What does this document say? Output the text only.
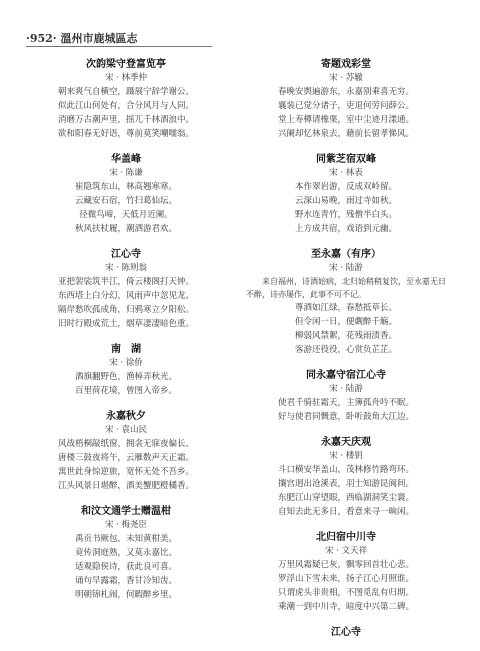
·952· 溫州市鹿城區志
次韵梁守登富览亭
宋 · 林季仲
朝来爽气自横空，蹑展宁辞学谢公。
似此江山何处有，合分风月与人同。
消磨万古潮声里，摇兀千林酒浪中。
欲和阳春无好语，尊前莫笑嘲嚅翁。
华盖峰
宋 · 陈谦
崔隐筑东山，林高翘寒寒。
云藏安石宿，竹扫葛仙坛。
径微鸟啼，天低月近阑。
秋风扶杖履，潮洒游君欢。
江心寺
宋 · 陈则翁
亚把袈裟筑半江，倚云楼阁打天钟。
东西塔上白分幻，风雨声中忽见龙。
隔岸愁吹孤成角，归鸦寒立夕阳松。
旧时行殿成荒土，烟草凄凄暗色重。
南　湖
宋 · 徐侨
酒旗翻野色，渔棹弄秋光。
百里荷花境，曾图入帝乡。
永嘉秋夕
宋 · 袁山民
风战梧桐敲纸窗，拥衾无寐夜偏长。
唐楼三鼓夜将午，云雁数声天正霜。
寓世此身惊逆旅，宽怀无处不吾乡。
江头风景日堪醉，酒美蟹肥橙橘香。
和汶文通学士赠温柑
宋 · 梅尧臣
禹贡书厥包，未知黄柑美。
竟传洞庭熟，又莫永嘉比。
适观隐侯诗，获此良可喜。
诵句早露霜，香甘冷知齿。
明朝锦札闹，何暇醉乡里。
寄题戏彩堂
宋 · 苏辙
春晚安舆遍游东，永嘉别乘喜无穷。
襄装已觉分诸子，吏退何劳问薛公。
堂上寿樽请橡栗，室中尘迹月漾通。
兴阑却忆林泉去，藉前长留孝悌风。
同紫芝宿双峰
宋 · 林表
本作翠岩游，反成双岭留。
云深山易晚，雨过寺如秋。
野水连青竹，残僧半白头。
上方成共宿，戏语到元幽。
至永嘉（有序）
宋 · 陆游
来自福州，诗酒始病，北归始稍稍复饮，至永嘉无日不醉，诗亦屡作，此事不可不记。
尊酒如江绿，春愁抵草长。
但令闲一日，便觑醉千觞。
柳弱风禁絮，花残雨渍香。
客游还役役，心赏负芷芷。
同永嘉守宿江心寺
宋 · 陆游
使君千骑驻霜天，主簿孤舟吟不眠。
好与使君同慨意，卧听鼓角大江边。
永嘉天庆观
宋 · 楼钥
斗口横安华盖山，茂林修竹路弯环。
攘宫迥出沧溪表，羽士知游昆阆间。
东肥江山穿望眼，西临湖洞笑尘寰。
自知去此无多日，看意来寻一晌闲。
北归宿中川寺
宋 · 文天祥
万里风霜疑已灰，飘零回首壮心悲。
罗浮山下雪未来，扬子江心月照谁。
只谓虎头非贵相，不图觅乱有归期。
乘潮一到中川寺，暗度中兴第二碑。
江心寺
